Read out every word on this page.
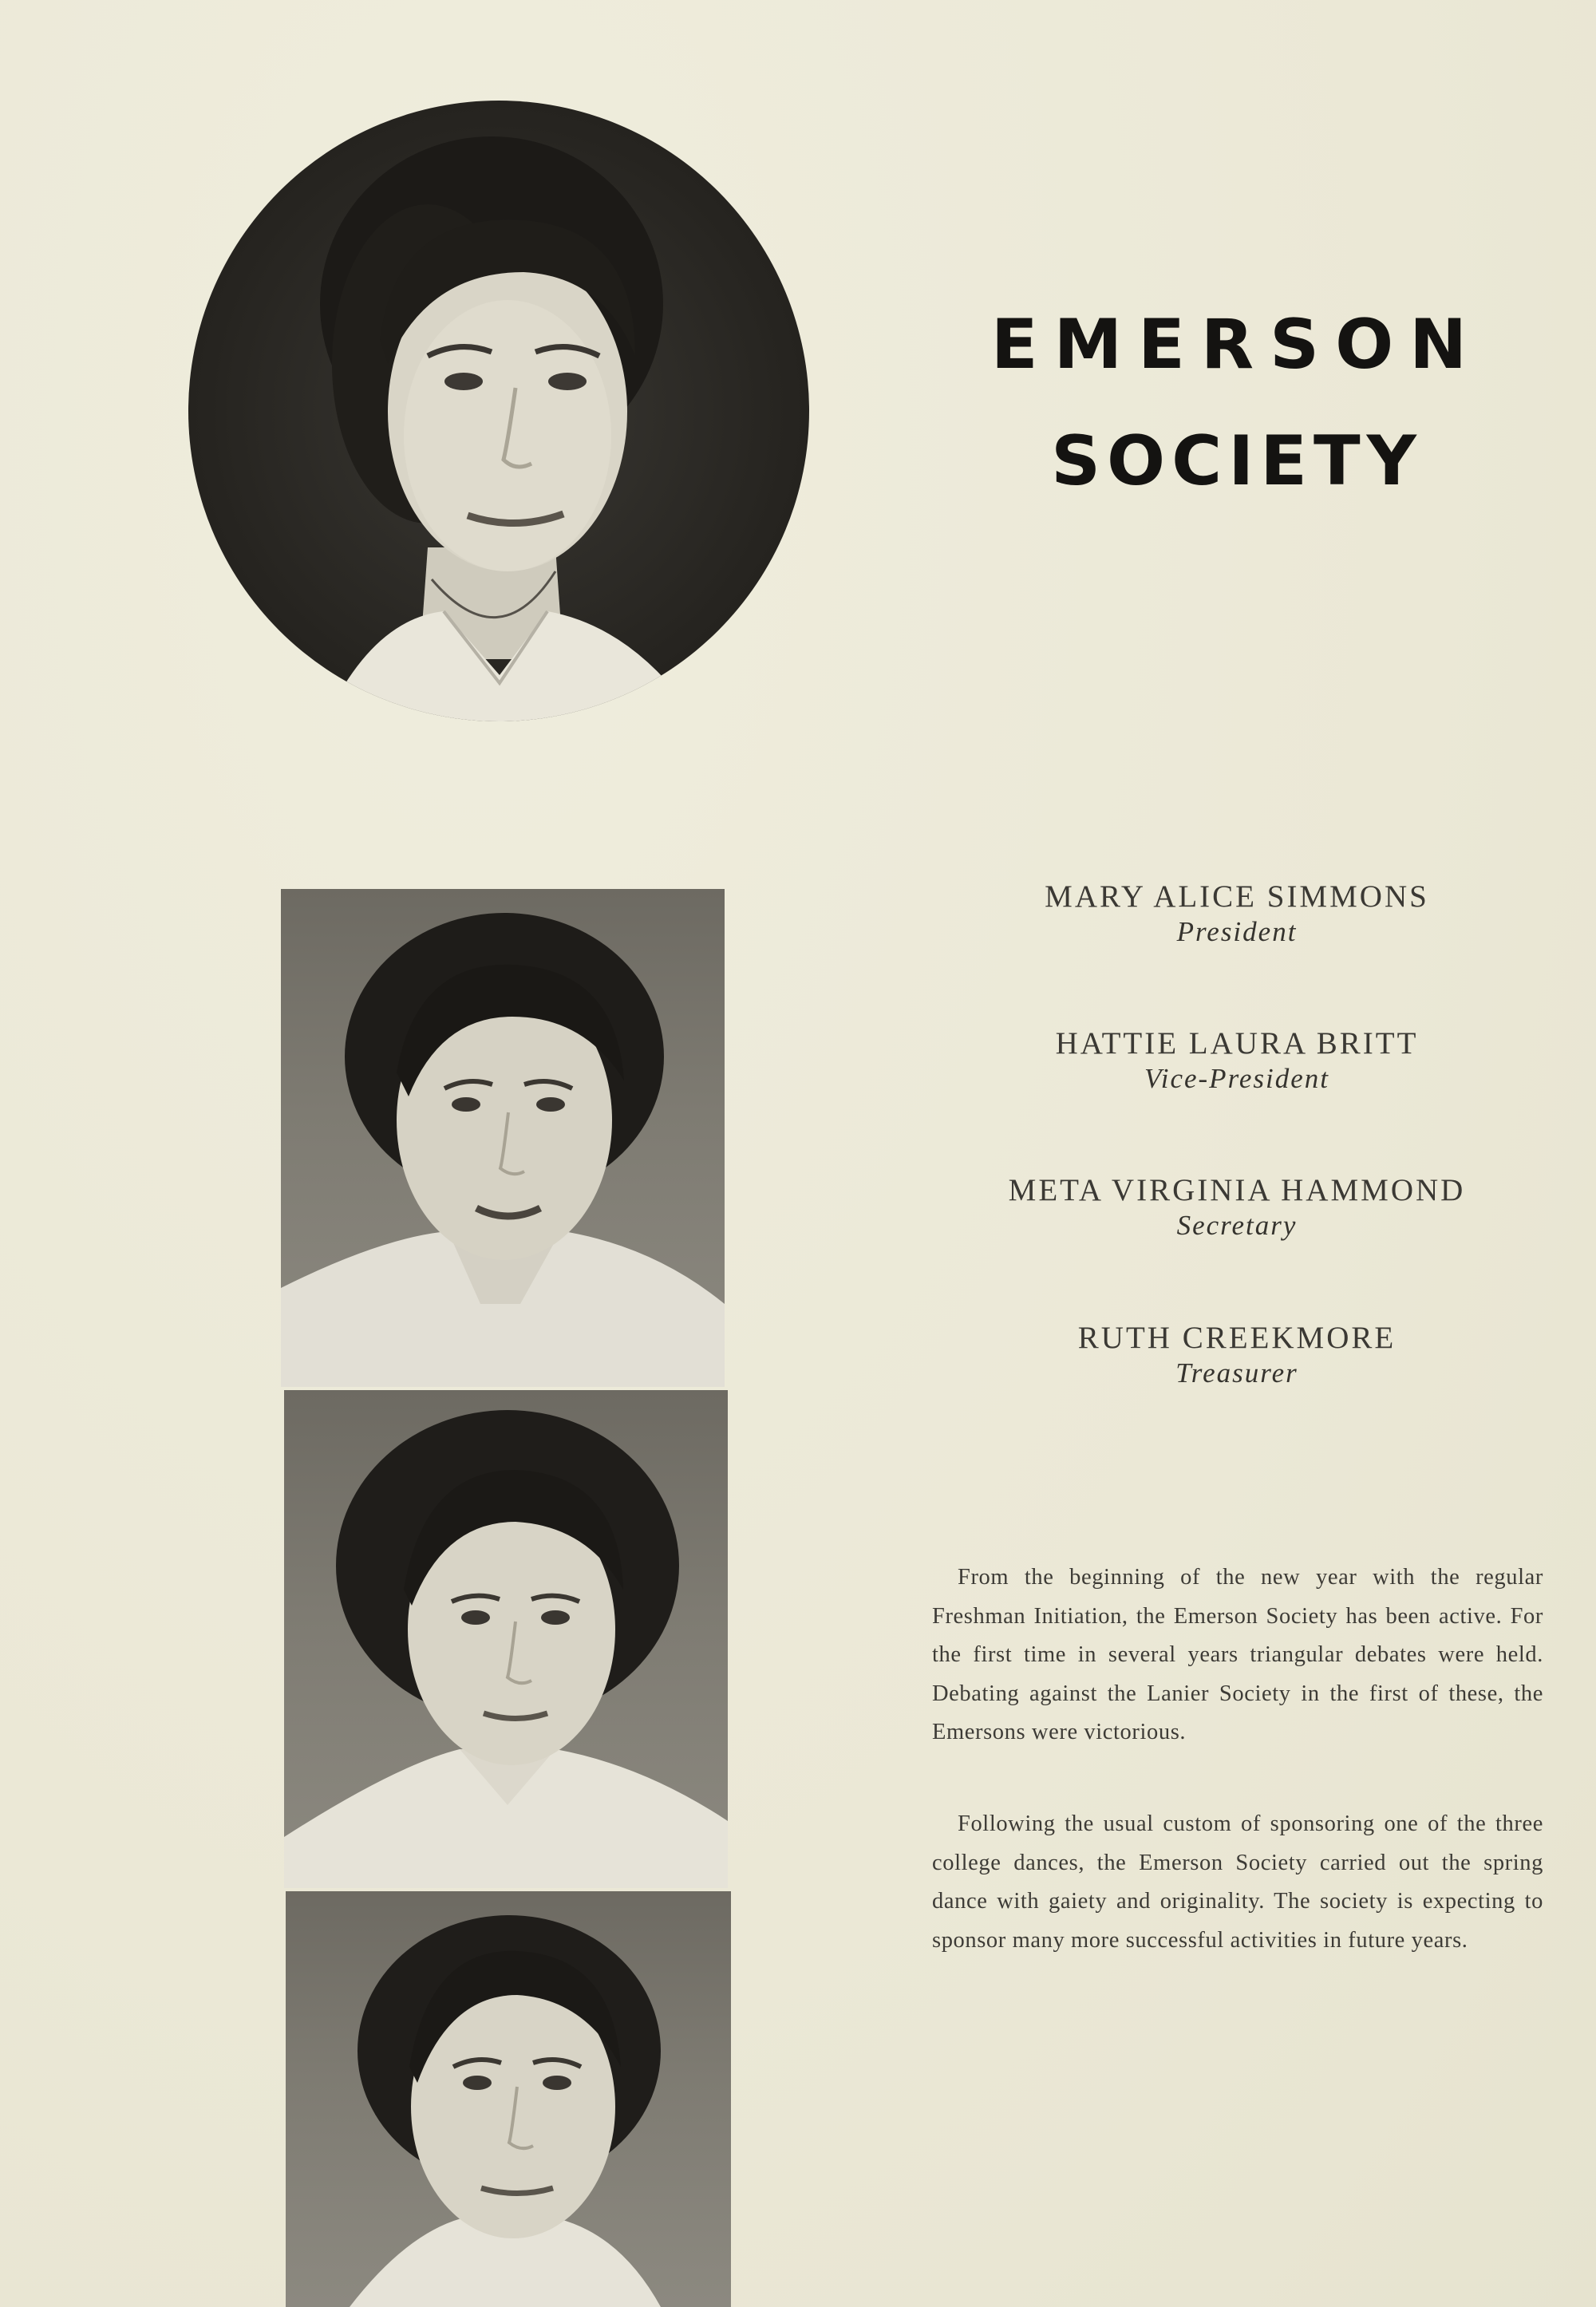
EMERSON
SOCIETY
MARY ALICE SIMMONS
President
HATTIE LAURA BRITT
Vice-President
META VIRGINIA HAMMOND
Secretary
RUTH CREEKMORE
Treasurer

From the beginning of the new year with the regular Freshman Initiation, the Emerson Society has been active. For the first time in several years triangular debates were held. Debating against the Lanier Society in the first of these, the Emersons were victorious.

Following the usual custom of sponsoring one of the three college dances, the Emerson Society carried out the spring dance with gaiety and originality. The society is expecting to sponsor many more successful activities in future years.
